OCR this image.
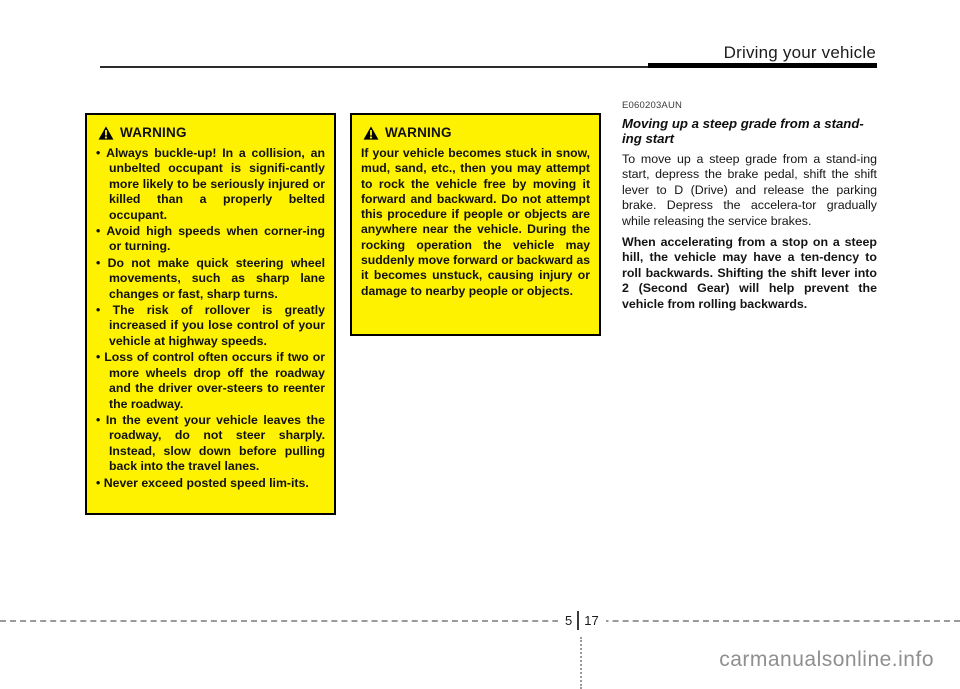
Driving your vehicle
WARNING
• Always buckle-up! In a collision, an unbelted occupant is signifi-cantly more likely to be seriously injured or killed than a properly belted occupant.
• Avoid high speeds when corner-ing or turning.
• Do not make quick steering wheel movements, such as sharp lane changes or fast, sharp turns.
• The risk of rollover is greatly increased if you lose control of your vehicle at highway speeds.
• Loss of control often occurs if two or more wheels drop off the roadway and the driver over-steers to reenter the roadway.
• In the event your vehicle leaves the roadway, do not steer sharply. Instead, slow down before pulling back into the travel lanes.
• Never exceed posted speed lim-its.
WARNING

If your vehicle becomes stuck in snow, mud, sand, etc., then you may attempt to rock the vehicle free by moving it forward and backward. Do not attempt this procedure if people or objects are anywhere near the vehicle. During the rocking operation the vehicle may suddenly move forward or backward as it becomes unstuck, causing injury or damage to nearby people or objects.

E060203AUN
Moving up a steep grade from a stand-ing start

To move up a steep grade from a stand-ing start, depress the brake pedal, shift the shift lever to D (Drive) and release the parking brake. Depress the accelera-tor gradually while releasing the service brakes.

When accelerating from a stop on a steep hill, the vehicle may have a ten-dency to roll backwards. Shifting the shift lever into 2 (Second Gear) will help prevent the vehicle from rolling backwards.

5 17
carmanualsonline.info
